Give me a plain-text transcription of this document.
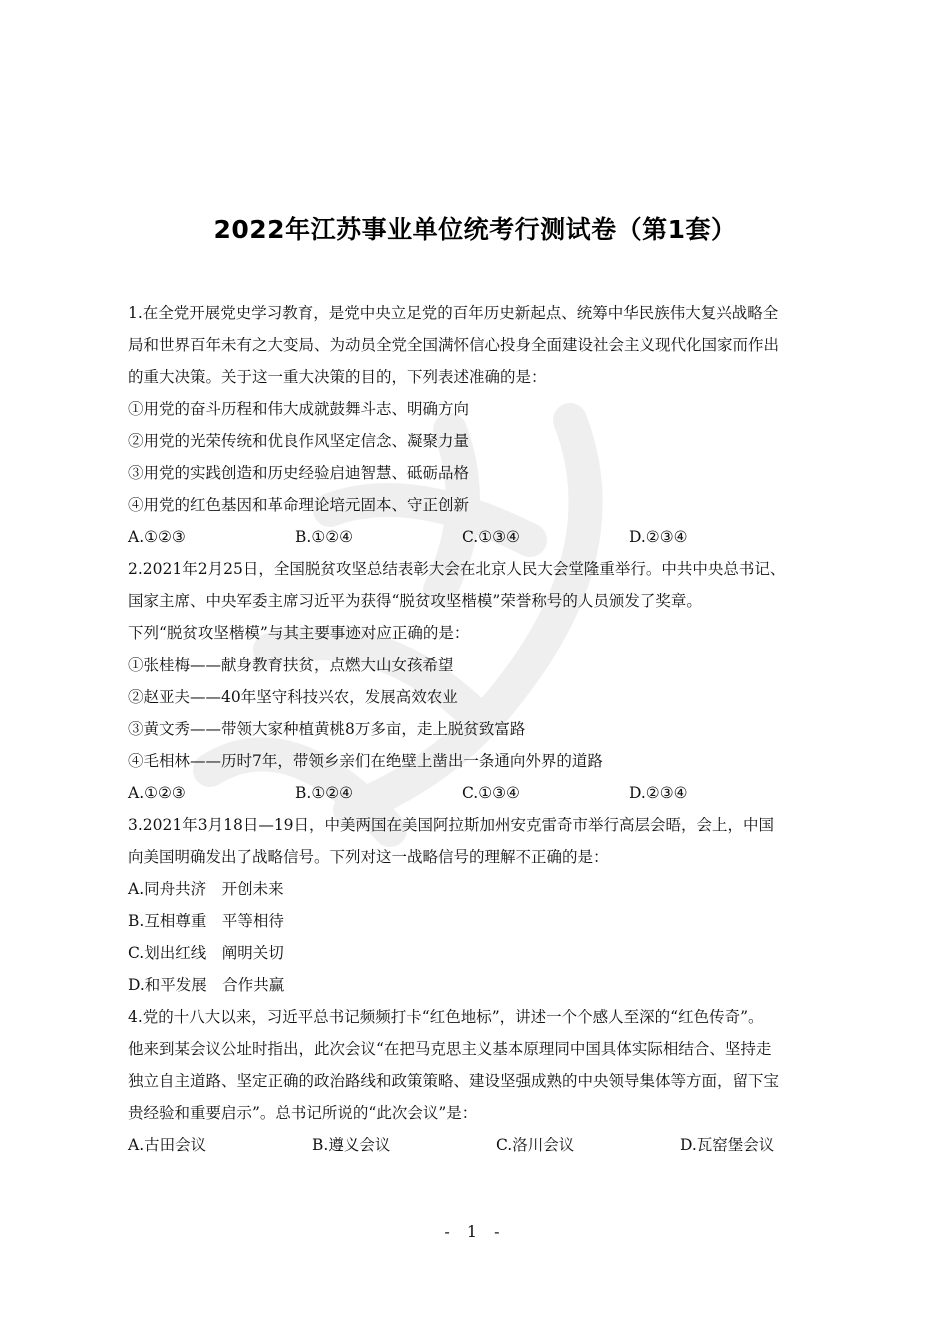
2022年江苏事业单位统考行测试卷（第1套）
1.在全党开展党史学习教育，是党中央立足党的百年历史新起点、统筹中华民族伟大复兴战略全
局和世界百年未有之大变局、为动员全党全国满怀信心投身全面建设社会主义现代化国家而作出
的重大决策。关于这一重大决策的目的，下列表述准确的是：
①用党的奋斗历程和伟大成就鼓舞斗志、明确方向
②用党的光荣传统和优良作风坚定信念、凝聚力量
③用党的实践创造和历史经验启迪智慧、砥砺品格
④用党的红色基因和革命理论培元固本、守正创新
A.①②③	B.①②④	C.①③④	D.②③④
2.2021年2月25日，全国脱贫攻坚总结表彰大会在北京人民大会堂隆重举行。中共中央总书记、
国家主席、中央军委主席习近平为获得“脱贫攻坚楷模”荣誉称号的人员颁发了奖章。
下列“脱贫攻坚楷模”与其主要事迹对应正确的是：
①张桂梅——献身教育扶贫，点燃大山女孩希望
②赵亚夫——40年坚守科技兴农，发展高效农业
③黄文秀——带领大家种植黄桃8万多亩，走上脱贫致富路
④毛相林——历时7年，带领乡亲们在绝壁上凿出一条通向外界的道路
A.①②③	B.①②④	C.①③④	D.②③④
3.2021年3月18日—19日，中美两国在美国阿拉斯加州安克雷奇市举行高层会晤，会上，中国
向美国明确发出了战略信号。下列对这一战略信号的理解不正确的是：
A.同舟共济　开创未来
B.互相尊重　平等相待
C.划出红线　阐明关切
D.和平发展　合作共赢
4.党的十八大以来，习近平总书记频频打卡“红色地标”，讲述一个个感人至深的“红色传奇”。
他来到某会议公址时指出，此次会议“在把马克思主义基本原理同中国具体实际相结合、坚持走
独立自主道路、坚定正确的政治路线和政策策略、建设坚强成熟的中央领导集体等方面，留下宝
贵经验和重要启示”。总书记所说的“此次会议”是：
A.古田会议	B.遵义会议	C.洛川会议	D.瓦窑堡会议
- 1 -
